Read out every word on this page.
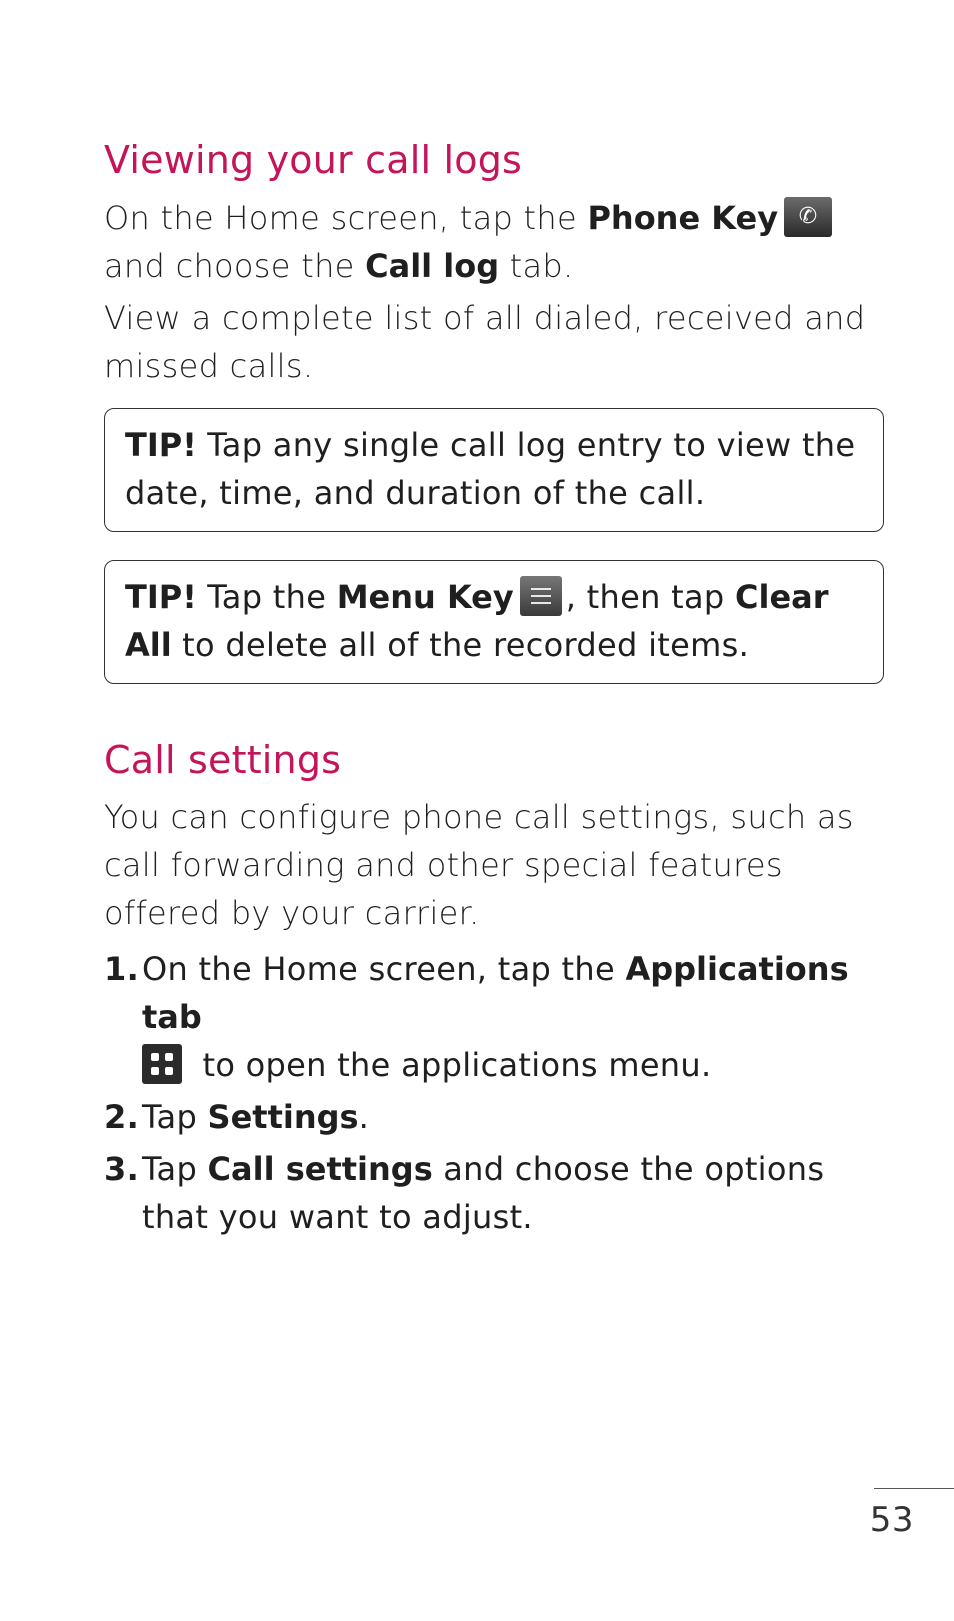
Viewing your call logs

On the Home screen, tap the Phone Key ✆ and choose the Call log tab.

View a complete list of all dialed, received and missed calls.

TIP! Tap any single call log entry to view the date, time, and duration of the call.
TIP! Tap the Menu Key , then tap Clear All to delete all of the recorded items.
Call settings

You can configure phone call settings, such as call forwarding and other special features offered by your carrier.

1. On the Home screen, tap the Applications tab

to open the applications menu.
2. Tap Settings.
3. Tap Call settings and choose the options that you want to adjust.
53
